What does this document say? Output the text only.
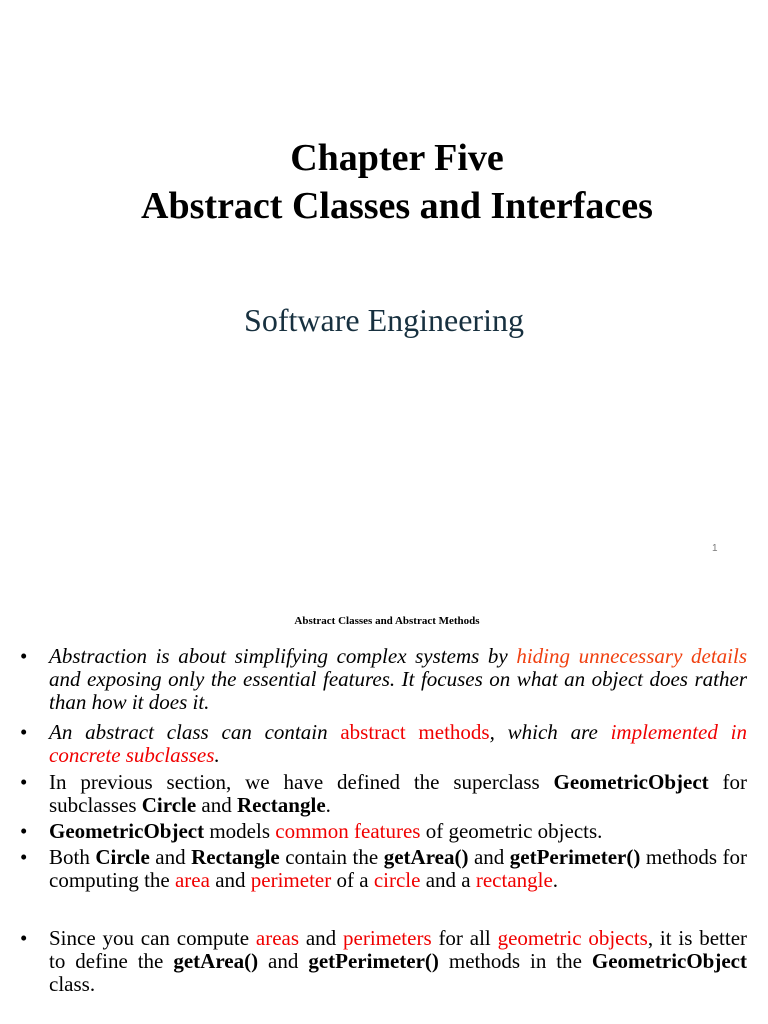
Chapter Five
Abstract Classes and Interfaces
Software Engineering
1
Abstract Classes and Abstract Methods
• Abstraction is about simplifying complex systems by hiding unnecessary details and exposing only the essential features. It focuses on what an object does rather than how it does it.
• An abstract class can contain abstract methods, which are implemented in concrete subclasses.
• In previous section, we have defined the superclass GeometricObject for subclasses Circle and Rectangle.
• GeometricObject models common features of geometric objects.
• Both Circle and Rectangle contain the getArea() and getPerimeter() methods for computing the area and perimeter of a circle and a rectangle.
• Since you can compute areas and perimeters for all geometric objects, it is better to define the getArea() and getPerimeter() methods in the GeometricObject class.
